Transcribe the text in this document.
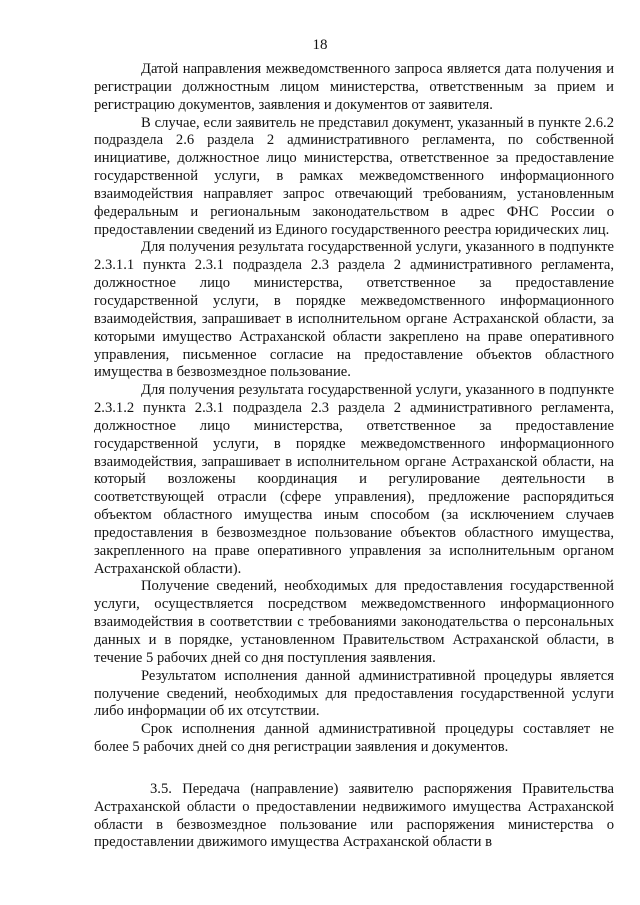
18

Датой направления межведомственного запроса является дата получения и регистрации должностным лицом министерства, ответственным за прием и регистрацию документов, заявления и документов от заявителя.

В случае, если заявитель не представил документ, указанный в пункте 2.6.2 подраздела 2.6 раздела 2 административного регламента, по собственной инициативе, должностное лицо министерства, ответственное за предоставление государственной услуги, в рамках межведомственного информационного взаимодействия направляет запрос отвечающий требованиям, установленным федеральным и региональным законодательством в адрес ФНС России о предоставлении сведений из Единого государственного реестра юридических лиц.

Для получения результата государственной услуги, указанного в подпункте 2.3.1.1 пункта 2.3.1 подраздела 2.3 раздела 2 административного регламента, должностное лицо министерства, ответственное за предоставление государственной услуги, в порядке межведомственного информационного взаимодействия, запрашивает в исполнительном органе Астраханской области, за которыми имущество Астраханской области закреплено на праве оперативного управления, письменное согласие на предоставление объектов областного имущества в безвозмездное пользование.

Для получения результата государственной услуги, указанного в подпункте 2.3.1.2 пункта 2.3.1 подраздела 2.3 раздела 2 административного регламента, должностное лицо министерства, ответственное за предоставление государственной услуги, в порядке межведомственного информационного взаимодействия, запрашивает в исполнительном органе Астраханской области, на который возложены координация и регулирование деятельности в соответствующей отрасли (сфере управления), предложение распорядиться объектом областного имущества иным способом (за исключением случаев предоставления в безвозмездное пользование объектов областного имущества, закрепленного на праве оперативного управления за исполнительным органом Астраханской области).

Получение сведений, необходимых для предоставления государственной услуги, осуществляется посредством межведомственного информационного взаимодействия в соответствии с требованиями законодательства о персональных данных и в порядке, установленном Правительством Астраханской области, в течение 5 рабочих дней со дня поступления заявления.

Результатом исполнения данной административной процедуры является получение сведений, необходимых для предоставления государственной услуги либо информации об их отсутствии.

Срок исполнения данной административной процедуры составляет не более 5 рабочих дней со дня регистрации заявления и документов.

3.5. Передача (направление) заявителю распоряжения Правительства Астраханской области о предоставлении недвижимого имущества Астраханской области в безвозмездное пользование или распоряжения министерства о предоставлении движимого имущества Астраханской области в
